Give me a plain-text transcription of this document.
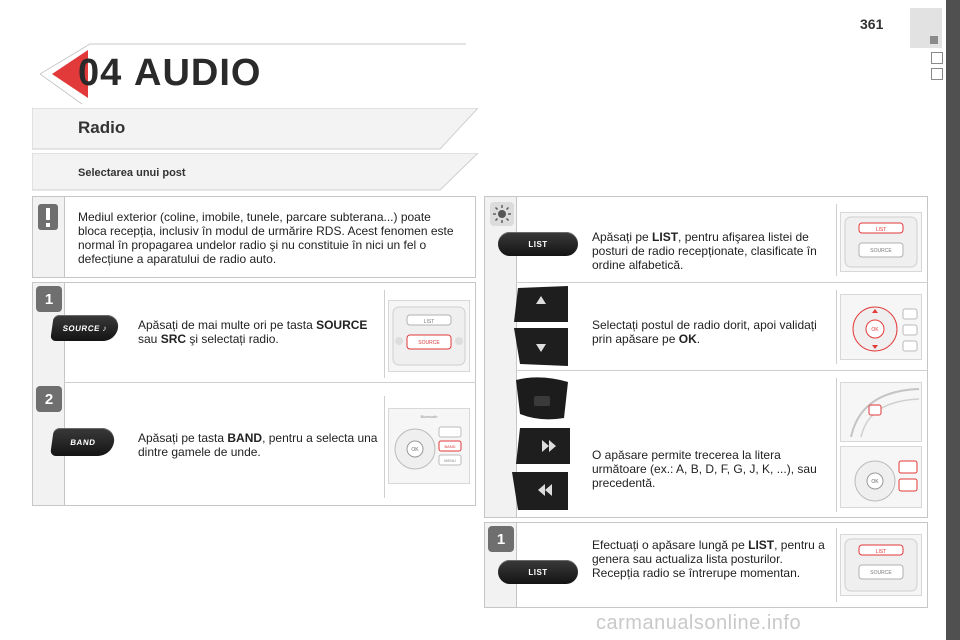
361
04 AUDIO
Radio
Selectarea unui post
Mediul exterior (coline, imobile, tunele, parcare subterana...) poate bloca recepția, inclusiv în modul de urmărire RDS. Acest fenomen este normal în propagarea undelor radio şi nu constituie în nici un fel o defecțiune a aparatului de radio auto.
1
SOURCE
♪	Apăsați de mai multe ori pe tasta SOURCE sau SRC şi selectați radio.
LIST
SOURCE
2
BAND	Apăsați pe tasta BAND, pentru a selecta una dintre gamele de unde.
Bluetooth
OK
BAND
MENU
LIST	Apăsați pe LIST, pentru afişarea listei de posturi de radio recepționate, clasificate în ordine alfabetică.
LIST
SOURCE
Selectați postul de radio dorit, apoi validați prin apăsare pe OK.
OK
O apăsare permite trecerea la litera următoare (ex.: A, B, D, F, G, J, K, ...), sau precedentă.	OK
1
LIST
Efectuați o apăsare lungă pe LIST, pentru a genera sau actualiza lista posturilor. Recepția radio se întrerupe momentan.
LIST
SOURCE
carmanualsonline.info
